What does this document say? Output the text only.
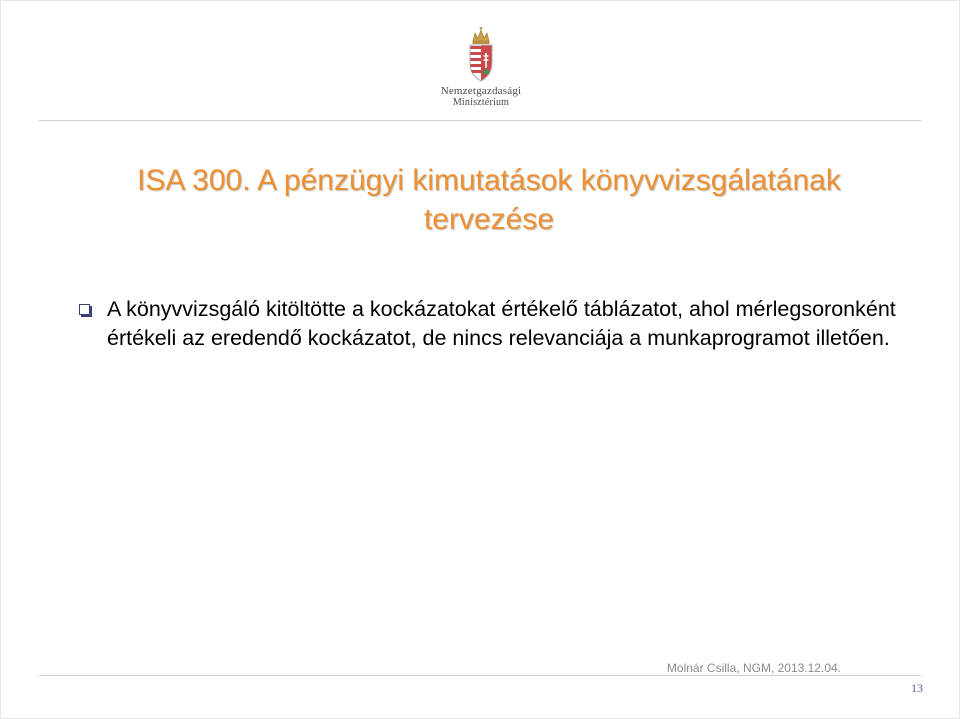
Nemzetgazdasági
Minisztérium
ISA 300. A pénzügyi kimutatások könyvvizsgálatának tervezése
A könyvvizsgáló kitöltötte a kockázatokat értékelő táblázatot, ahol mérlegsoronként értékeli az eredendő kockázatot, de nincs relevanciája a munkaprogramot illetően.
Molnár Csilla, NGM, 2013.12.04.
13
